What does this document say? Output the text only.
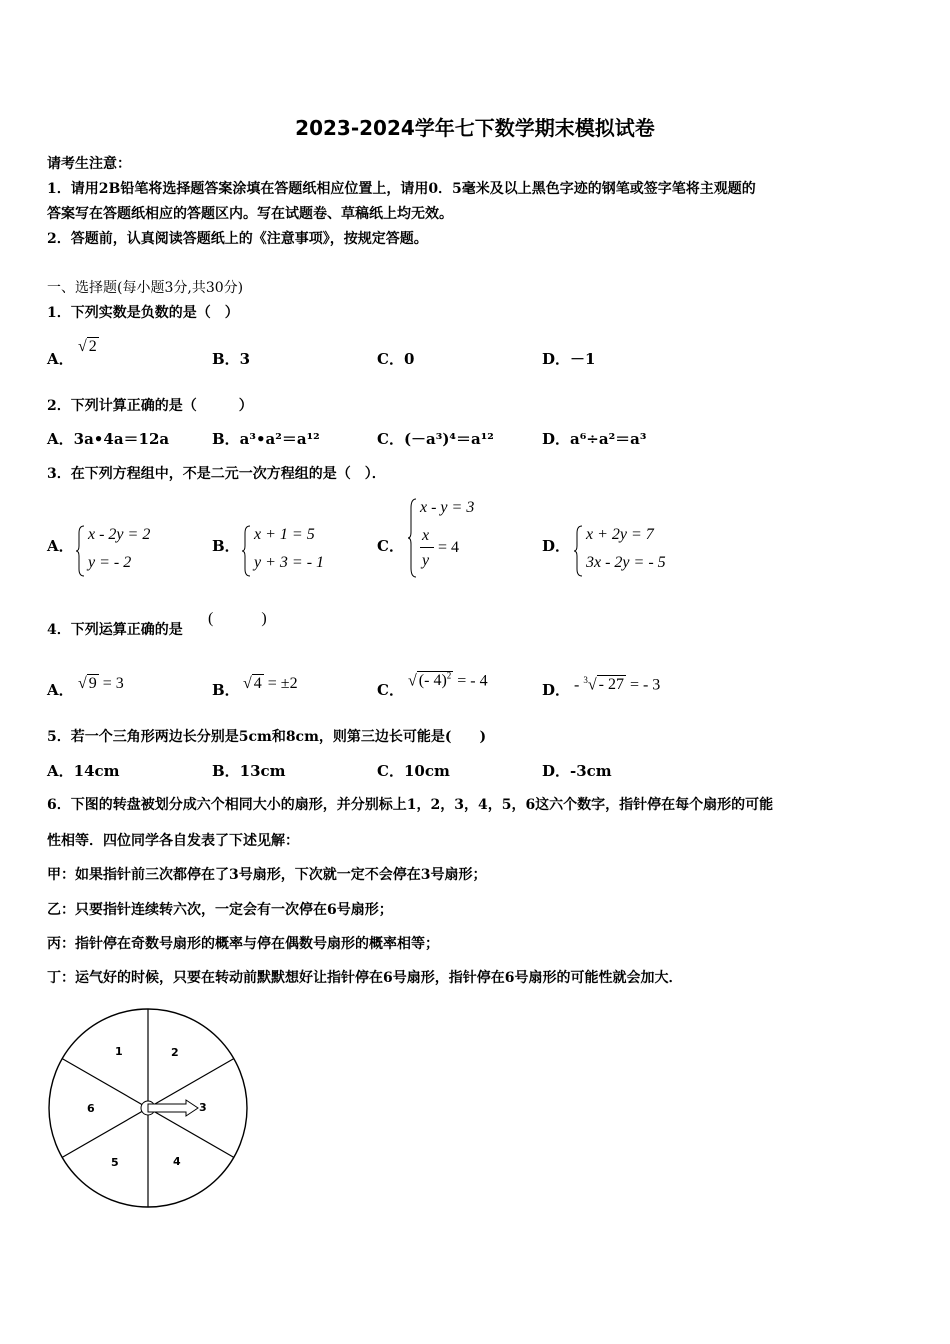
2023-2024学年七下数学期末模拟试卷
请考生注意：
1．请用2B铅笔将选择题答案涂填在答题纸相应位置上，请用0．5毫米及以上黑色字迹的钢笔或签字笔将主观题的
答案写在答题纸相应的答题区内。写在试题卷、草稿纸上均无效。
2．答题前，认真阅读答题纸上的《注意事项》，按规定答题。
一、选择题(每小题3分,共30分)
1．下列实数是负数的是（　）
A．
√ 2
B．3	C．0	D．－1
2．下列计算正确的是（　　　）
A．3a•4a＝12a	B．a³•a²＝a¹²	C．(－a³)⁴＝a¹²	D．a⁶÷a²＝a³
3．在下列方程组中，不是二元一次方程组的是（　）．
A．
x - 2y = 2
y = - 2
B．
x + 1 = 5
y + 3 = - 1
C．
x - y = 3
x
y
= 4	D．
x + 2y = 7
3x - 2y = - 5
4．下列运算正确的是
(　　　)
A． √ 9 = 3	B． √ 4 = ±2	C．
√ (- 4)$^2$ = - 4
D． - $^3$√ - 27 = - 3
5．若一个三角形两边长分别是5cm和8cm，则第三边长可能是(　　)
A．14cm	B．13cm	C．10cm	D．-3cm
6．下图的转盘被划分成六个相同大小的扇形，并分别标上1，2，3，4，5，6这六个数字，指针停在每个扇形的可能
性相等．四位同学各自发表了下述见解：
甲：如果指针前三次都停在了3号扇形，下次就一定不会停在3号扇形；
乙：只要指针连续转六次，一定会有一次停在6号扇形；
丙：指针停在奇数号扇形的概率与停在偶数号扇形的概率相等；
丁：运气好的时候，只要在转动前默默想好让指针停在6号扇形，指针停在6号扇形的可能性就会加大．
1	2
3
4
5
6
